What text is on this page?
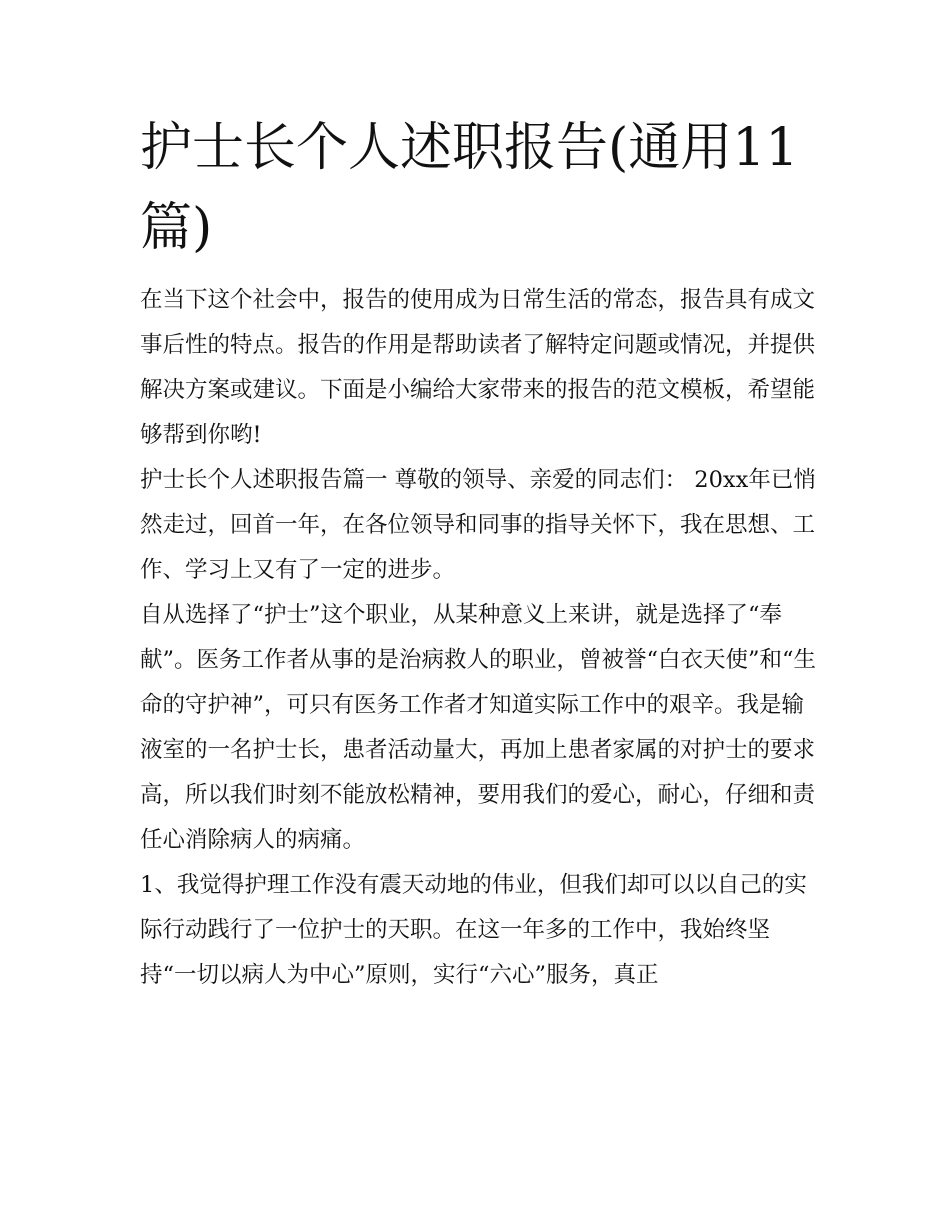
护士长个人述职报告(通用11篇)

在当下这个社会中，报告的使用成为日常生活的常态，报告具有成文事后性的特点。报告的作用是帮助读者了解特定问题或情况，并提供解决方案或建议。下面是小编给大家带来的报告的范文模板，希望能够帮到你哟!

护士长个人述职报告篇一 尊敬的领导、亲爱的同志们： 20xx年已悄然走过，回首一年，在各位领导和同事的指导关怀下，我在思想、工作、学习上又有了一定的进步。

自从选择了“护士”这个职业，从某种意义上来讲，就是选择了“奉献”。医务工作者从事的是治病救人的职业，曾被誉“白衣天使”和“生命的守护神”，可只有医务工作者才知道实际工作中的艰辛。我是输液室的一名护士长，患者活动量大，再加上患者家属的对护士的要求高，所以我们时刻不能放松精神，要用我们的爱心，耐心，仔细和责任心消除病人的病痛。

1、我觉得护理工作没有震天动地的伟业，但我们却可以以自己的实际行动践行了一位护士的天职。在这一年多的工作中，我始终坚持“一切以病人为中心”原则，实行“六心”服务，真正
